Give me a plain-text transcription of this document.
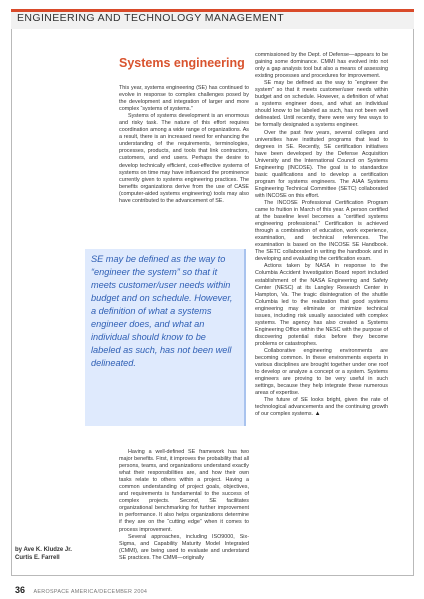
ENGINEERING AND TECHNOLOGY MANAGEMENT
Systems engineering

This year, systems engineering (SE) has continued to evolve in response to complex challenges posed by the development and integration of larger and more complex “systems of systems.”

Systems of systems development is an enormous and risky task. The nature of this effort requires coordination among a wide range of organizations. As a result, there is an increased need for enhancing the understanding of the requirements, terminologies, processes, products, and tools that link contractors, customers, and end users. Perhaps the desire to develop technically efficient, cost-effective systems of systems on time may have influenced the prominence currently given to systems engineering practices. The benefits organizations derive from the use of CASE (computer-aided systems engineering) tools may also have contributed to the advancement of SE.

SE may be defined as the way to “engineer the system” so that it meets customer/user needs within budget and on schedule. However, a definition of what a systems engineer does, and what an individual should know to be labeled as such, has not been well delineated.

Having a well-defined SE framework has two major benefits. First, it improves the probability that all persons, teams, and organizations understand exactly what their responsibilities are, and how their own tasks relate to others within a project. Having a common understanding of project goals, objectives, and requirements is fundamental to the success of complex projects. Second, SE facilitates organizational benchmarking for further improvement in performance. It also helps organizations determine if they are on the “cutting edge” when it comes to process improvement.

Several approaches, including ISO9000, Six-Sigma, and Capability Maturity Model Integrated (CMMI), are being used to evaluate and understand SE practices. The CMMI—originally

commissioned by the Dept. of Defense—appears to be gaining some dominance. CMMI has evolved into not only a gap analysis tool but also a means of assessing existing processes and procedures for improvement.

SE may be defined as the way to “engineer the system” so that it meets customer/user needs within budget and on schedule. However, a definition of what a systems engineer does, and what an individual should know to be labeled as such, has not been well delineated. Until recently, there were very few ways to be formally designated a systems engineer.

Over the past few years, several colleges and universities have instituted programs that lead to degrees in SE. Recently, SE certification initiatives have been developed by the Defense Acquisition University and the International Council on Systems Engineering (INCOSE). The goal is to standardize basic qualifications and to develop a certification program for systems engineers. The AIAA Systems Engineering Technical Committee (SETC) collaborated with INCOSE on this effort.

The INCOSE Professional Certification Program came to fruition in March of this year. A person certified at the baseline level becomes a “certified systems engineering professional.” Certification is achieved through a combination of education, work experience, examination, and technical references. The examination is based on the INCOSE SE Handbook. The SETC collaborated in writing the handbook and in developing and evaluating the certification exam.

Actions taken by NASA in response to the Columbia Accident Investigation Board report included establishment of the NASA Engineering and Safety Center (NESC) at its Langley Research Center in Hampton, Va. The tragic disintegration of the shuttle Columbia led to the realization that good systems engineering may eliminate or minimize technical issues, including risk usually associated with complex systems. The agency has also created a Systems Engineering Office within the NESC with the purpose of discovering potential risks before they become problems or catastrophes.

Collaborative engineering environments are becoming common. In these environments experts in various disciplines are brought together under one roof to develop or analyze a concept or a system. Systems engineers are proving to be very useful in such settings, because they help integrate these numerous areas of expertise.

The future of SE looks bright, given the rate of technological advancements and the continuing growth of our complex systems. ▲

by Ave K. Kludze Jr.
Curtis E. Farrell
36 AEROSPACE AMERICA/DECEMBER 2004
